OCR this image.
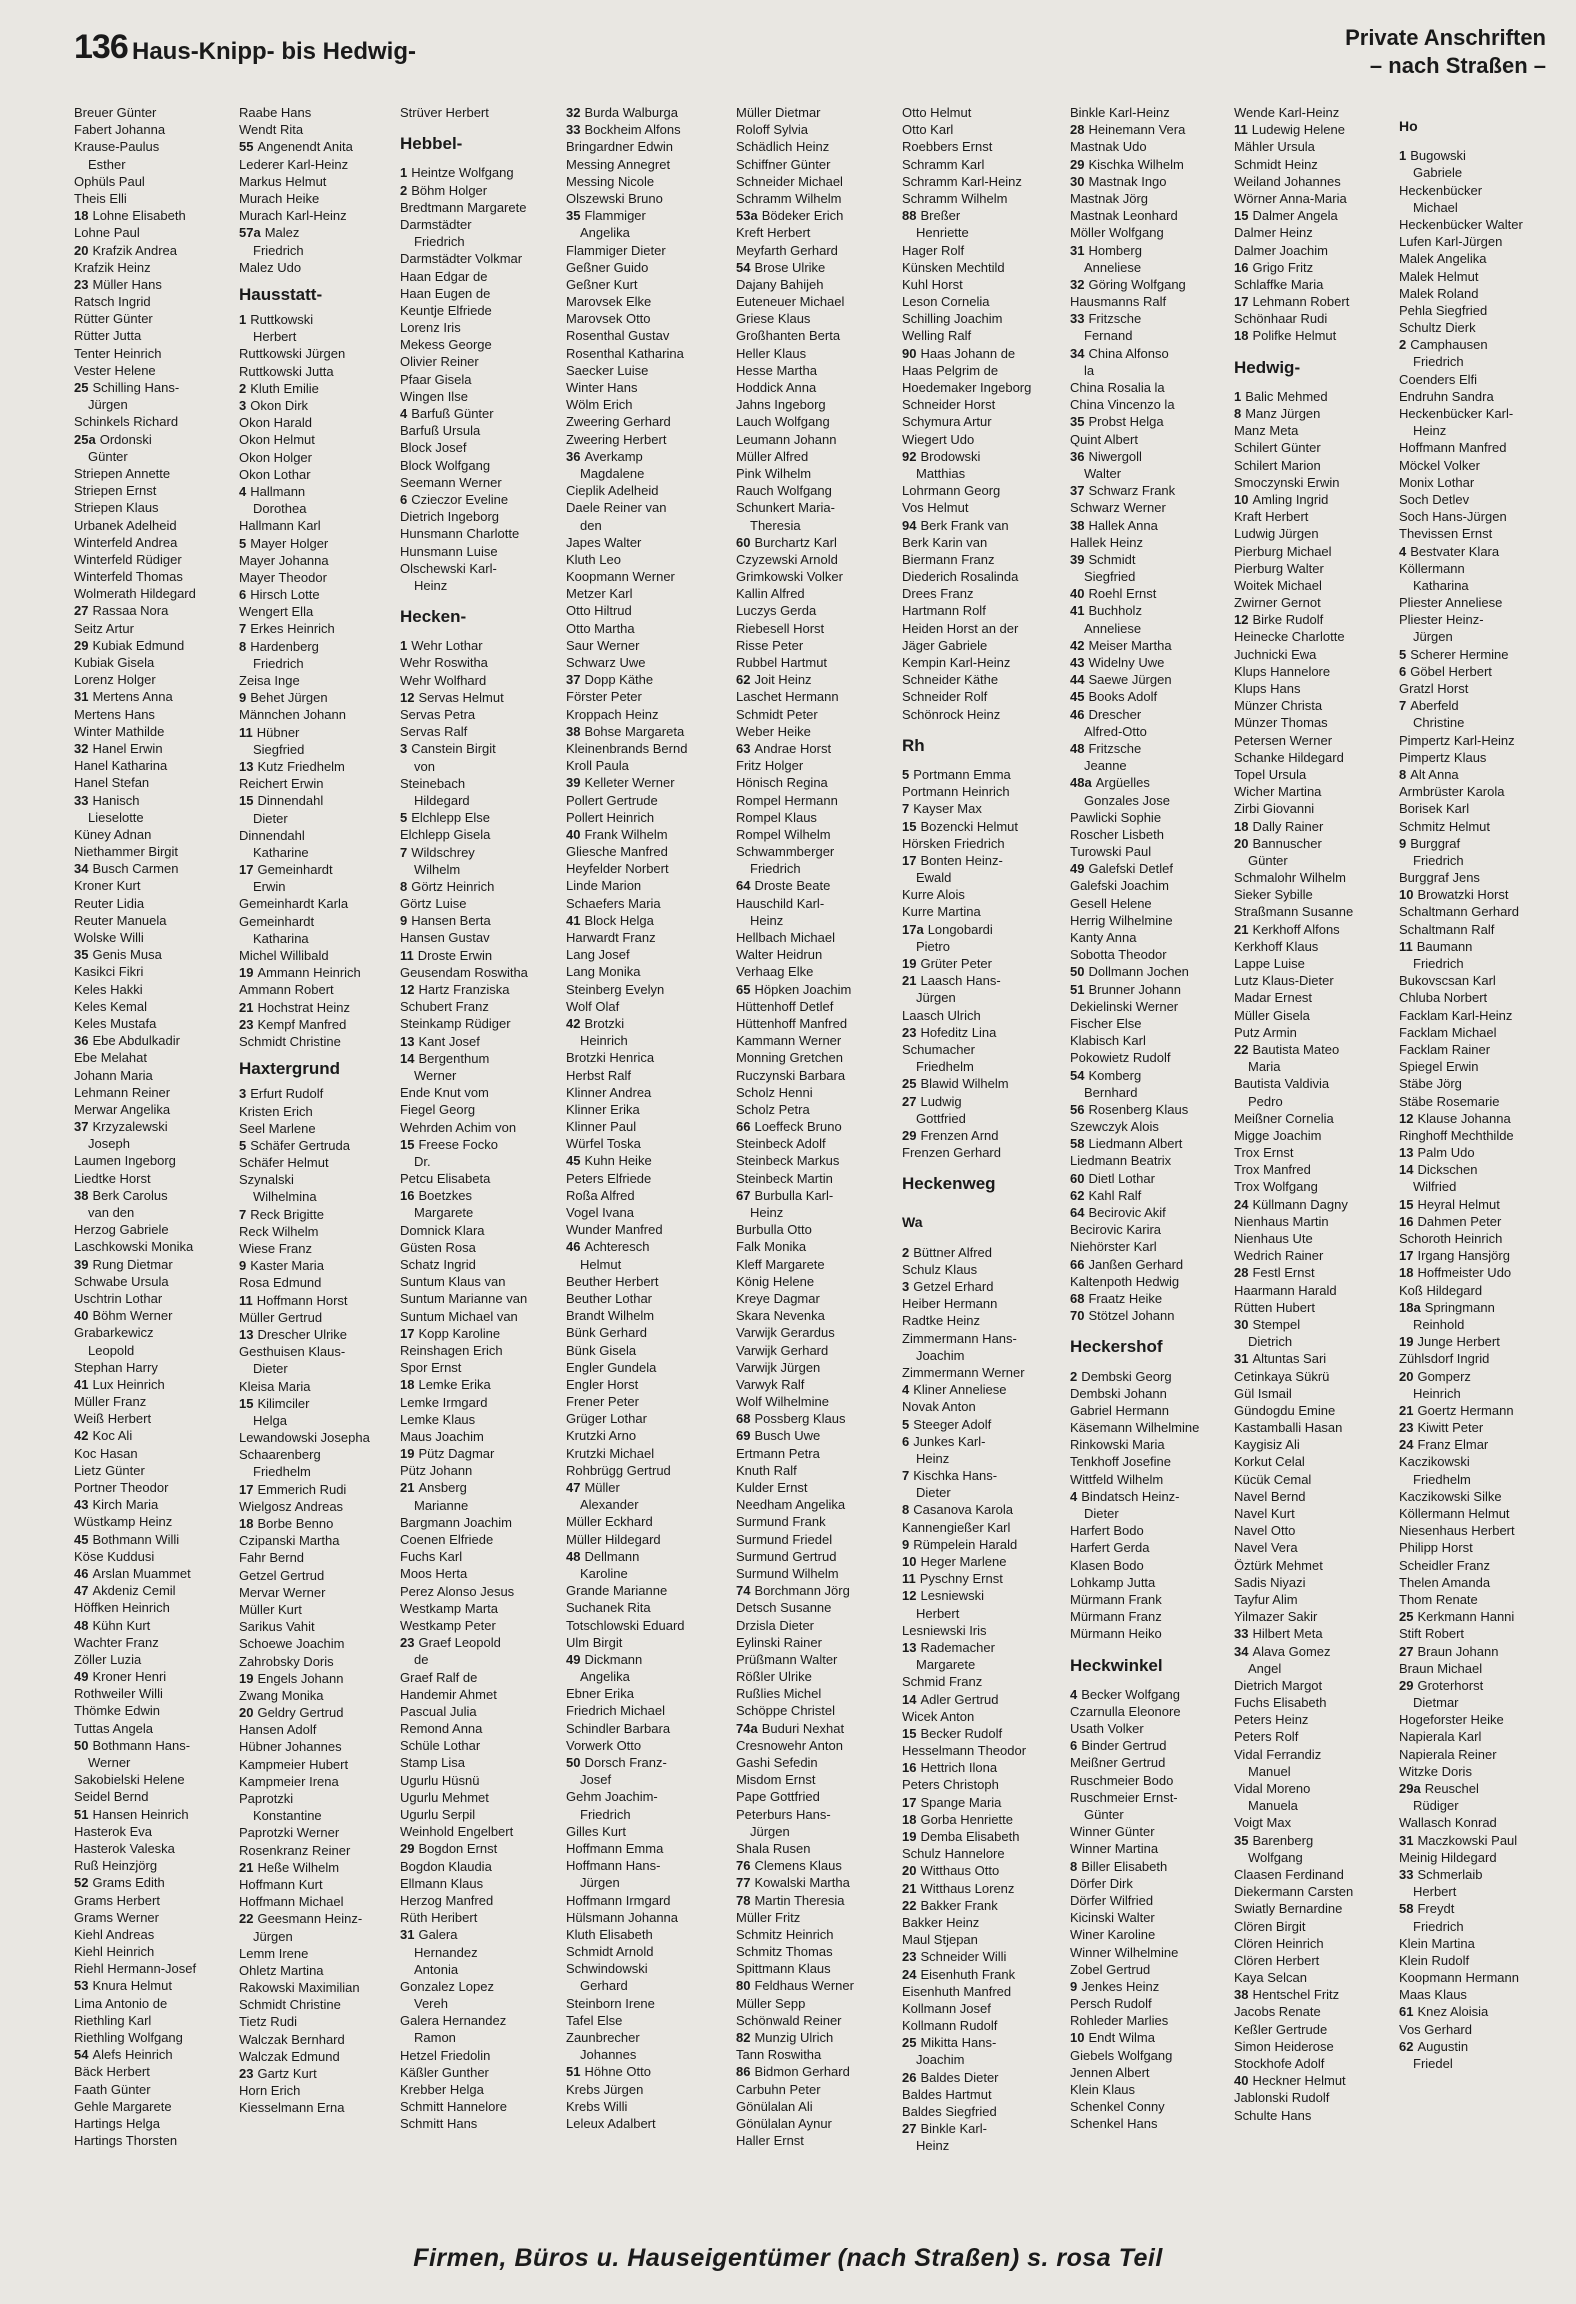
136 Haus-Knipp- bis Hedwig-
Private Anschriften
– nach Straßen –
Breuer Günter
Fabert Johanna
Krause-Paulus
Esther
Ophüls Paul
Theis Elli
18 Lohne Elisabeth
Lohne Paul
20 Krafzik Andrea
Krafzik Heinz
23 Müller Hans
Ratsch Ingrid
Rütter Günter
Rütter Jutta
Tenter Heinrich
Vester Helene
25 Schilling Hans-
Jürgen
Schinkels Richard
25a Ordonski
Günter
Striepen Annette
Striepen Ernst
Striepen Klaus
Urbanek Adelheid
Winterfeld Andrea
Winterfeld Rüdiger
Winterfeld Thomas
Wolmerath Hildegard
27 Rassaa Nora
Seitz Artur
29 Kubiak Edmund
Kubiak Gisela
Lorenz Holger
31 Mertens Anna
Mertens Hans
Winter Mathilde
32 Hanel Erwin
Hanel Katharina
Hanel Stefan
33 Hanisch
Lieselotte
Küney Adnan
Niethammer Birgit
34 Busch Carmen
Kroner Kurt
Reuter Lidia
Reuter Manuela
Wolske Willi
35 Genis Musa
Kasikci Fikri
Keles Hakki
Keles Kemal
Keles Mustafa
36 Ebe Abdulkadir
Ebe Melahat
Johann Maria
Lehmann Reiner
Merwar Angelika
37 Krzyzalewski
Joseph
Laumen Ingeborg
Liedtke Horst
38 Berk Carolus
van den
Herzog Gabriele
Laschkowski Monika
39 Rung Dietmar
Schwabe Ursula
Uschtrin Lothar
40 Böhm Werner
Grabarkewicz
Leopold
Stephan Harry
41 Lux Heinrich
Müller Franz
Weiß Herbert
42 Koc Ali
Koc Hasan
Lietz Günter
Portner Theodor
43 Kirch Maria
Wüstkamp Heinz
45 Bothmann Willi
Köse Kuddusi
46 Arslan Muammet
47 Akdeniz Cemil
Höffken Heinrich
48 Kühn Kurt
Wachter Franz
Zöller Luzia
49 Kroner Henri
Rothweiler Willi
Thömke Edwin
Tuttas Angela
50 Bothmann Hans-
Werner
Sakobielski Helene
Seidel Bernd
51 Hansen Heinrich
Hasterok Eva
Hasterok Valeska
Ruß Heinzjörg
52 Grams Edith
Grams Herbert
Grams Werner
Kiehl Andreas
Kiehl Heinrich
Riehl Hermann-Josef
53 Knura Helmut
Lima Antonio de
Riethling Karl
Riethling Wolfgang
54 Alefs Heinrich
Bäck Herbert
Faath Günter
Gehle Margarete
Hartings Helga
Hartings Thorsten
Raabe Hans
Wendt Rita
55 Angenendt Anita
Lederer Karl-Heinz
Markus Helmut
Murach Heike
Murach Karl-Heinz
57a Malez
Friedrich
Malez Udo
Hausstatt-
1 Ruttkowski
Herbert
Ruttkowski Jürgen
Ruttkowski Jutta
2 Kluth Emilie
3 Okon Dirk
Okon Harald
Okon Helmut
Okon Holger
Okon Lothar
4 Hallmann
Dorothea
Hallmann Karl
5 Mayer Holger
Mayer Johanna
Mayer Theodor
6 Hirsch Lotte
Wengert Ella
7 Erkes Heinrich
8 Hardenberg
Friedrich
Zeisa Inge
9 Behet Jürgen
Männchen Johann
11 Hübner
Siegfried
13 Kutz Friedhelm
Reichert Erwin
15 Dinnendahl
Dieter
Dinnendahl
Katharine
17 Gemeinhardt
Erwin
Gemeinhardt Karla
Gemeinhardt
Katharina
Michel Willibald
19 Ammann Heinrich
Ammann Robert
21 Hochstrat Heinz
23 Kempf Manfred
Schmidt Christine
Haxtergrund
3 Erfurt Rudolf
Kristen Erich
Seel Marlene
5 Schäfer Gertruda
Schäfer Helmut
Szynalski
Wilhelmina
7 Reck Brigitte
Reck Wilhelm
Wiese Franz
9 Kaster Maria
Rosa Edmund
11 Hoffmann Horst
Müller Gertrud
13 Drescher Ulrike
Gesthuisen Klaus-
Dieter
Kleisa Maria
15 Kilimciler
Helga
Lewandowski Josepha
Schaarenberg
Friedhelm
17 Emmerich Rudi
Wielgosz Andreas
18 Borbe Benno
Czipanski Martha
Fahr Bernd
Getzel Gertrud
Mervar Werner
Müller Kurt
Sarikus Vahit
Schoewe Joachim
Zahrobsky Doris
19 Engels Johann
Zwang Monika
20 Geldry Gertrud
Hansen Adolf
Hübner Johannes
Kampmeier Hubert
Kampmeier Irena
Paprotzki
Konstantine
Paprotzki Werner
Rosenkranz Reiner
21 Heße Wilhelm
Hoffmann Kurt
Hoffmann Michael
22 Geesmann Heinz-
Jürgen
Lemm Irene
Ohletz Martina
Rakowski Maximilian
Schmidt Christine
Tietz Rudi
Walczak Bernhard
Walczak Edmund
23 Gartz Kurt
Horn Erich
Kiesselmann Erna
Strüver Herbert
Hebbel-
1 Heintze Wolfgang
2 Böhm Holger
Bredtmann Margarete
Darmstädter
Friedrich
Darmstädter Volkmar
Haan Edgar de
Haan Eugen de
Keuntje Elfriede
Lorenz Iris
Mekess George
Olivier Reiner
Pfaar Gisela
Wingen Ilse
4 Barfuß Günter
Barfuß Ursula
Block Josef
Block Wolfgang
Seemann Werner
6 Czieczor Eveline
Dietrich Ingeborg
Hunsmann Charlotte
Hunsmann Luise
Olschewski Karl-
Heinz
Hecken-
1 Wehr Lothar
Wehr Roswitha
Wehr Wolfhard
12 Servas Helmut
Servas Petra
Servas Ralf
3 Canstein Birgit
von
Steinebach
Hildegard
5 Elchlepp Else
Elchlepp Gisela
7 Wildschrey
Wilhelm
8 Görtz Heinrich
Görtz Luise
9 Hansen Berta
Hansen Gustav
11 Droste Erwin
Geusendam Roswitha
12 Hartz Franziska
Schubert Franz
Steinkamp Rüdiger
13 Kant Josef
14 Bergenthum
Werner
Ende Knut vom
Fiegel Georg
Wehrden Achim von
15 Freese Focko
Dr.
Petcu Elisabeta
16 Boetzkes
Margarete
Domnick Klara
Güsten Rosa
Schatz Ingrid
Suntum Klaus van
Suntum Marianne van
Suntum Michael van
17 Kopp Karoline
Reinshagen Erich
Spor Ernst
18 Lemke Erika
Lemke Irmgard
Lemke Klaus
Maus Joachim
19 Pütz Dagmar
Pütz Johann
21 Ansberg
Marianne
Bargmann Joachim
Coenen Elfriede
Fuchs Karl
Moos Herta
Perez Alonso Jesus
Westkamp Marta
Westkamp Peter
23 Graef Leopold
de
Graef Ralf de
Handemir Ahmet
Pascual Julia
Remond Anna
Schüle Lothar
Stamp Lisa
Ugurlu Hüsnü
Ugurlu Mehmet
Ugurlu Serpil
Weinhold Engelbert
29 Bogdon Ernst
Bogdon Klaudia
Ellmann Klaus
Herzog Manfred
Rüth Heribert
31 Galera
Hernandez
Antonia
Gonzalez Lopez
Vereh
Galera Hernandez
Ramon
Hetzel Friedolin
Käßler Gunther
Krebber Helga
Schmitt Hannelore
Schmitt Hans
32 Burda Walburga
33 Bockheim Alfons
Bringardner Edwin
Messing Annegret
Messing Nicole
Olszewski Bruno
35 Flammiger
Angelika
Flammiger Dieter
Geßner Guido
Geßner Kurt
Marovsek Elke
Marovsek Otto
Rosenthal Gustav
Rosenthal Katharina
Saecker Luise
Winter Hans
Wölm Erich
Zweering Gerhard
Zweering Herbert
36 Averkamp
Magdalene
Cieplik Adelheid
Daele Reiner van
den
Japes Walter
Kluth Leo
Koopmann Werner
Metzer Karl
Otto Hiltrud
Otto Martha
Saur Werner
Schwarz Uwe
37 Dopp Käthe
Förster Peter
Kroppach Heinz
38 Bohse Margareta
Kleinenbrands Bernd
Kroll Paula
39 Kelleter Werner
Pollert Gertrude
Pollert Heinrich
40 Frank Wilhelm
Gliesche Manfred
Heyfelder Norbert
Linde Marion
Schaefers Maria
41 Block Helga
Harwardt Franz
Lang Josef
Lang Monika
Steinberg Evelyn
Wolf Olaf
42 Brotzki
Heinrich
Brotzki Henrica
Herbst Ralf
Klinner Andrea
Klinner Erika
Klinner Paul
Würfel Toska
45 Kuhn Heike
Peters Elfriede
Roßa Alfred
Vogel Ivana
Wunder Manfred
46 Achteresch
Helmut
Beuther Herbert
Beuther Lothar
Brandt Wilhelm
Bünk Gerhard
Bünk Gisela
Engler Gundela
Engler Horst
Frener Peter
Grüger Lothar
Krutzki Arno
Krutzki Michael
Rohbrügg Gertrud
47 Müller
Alexander
Müller Eckhard
Müller Hildegard
48 Dellmann
Karoline
Grande Marianne
Suchanek Rita
Totschlowski Eduard
Ulm Birgit
49 Dickmann
Angelika
Ebner Erika
Friedrich Michael
Schindler Barbara
Vorwerk Otto
50 Dorsch Franz-
Josef
Gehm Joachim-
Friedrich
Gilles Kurt
Hoffmann Emma
Hoffmann Hans-
Jürgen
Hoffmann Irmgard
Hülsmann Johanna
Kluth Elisabeth
Schmidt Arnold
Schwindowski
Gerhard
Steinborn Irene
Tafel Else
Zaunbrecher
Johannes
51 Höhne Otto
Krebs Jürgen
Krebs Willi
Leleux Adalbert
Müller Dietmar
Roloff Sylvia
Schädlich Heinz
Schiffner Günter
Schneider Michael
Schramm Wilhelm
53a Bödeker Erich
Kreft Herbert
Meyfarth Gerhard
54 Brose Ulrike
Dajany Bahijeh
Euteneuer Michael
Griese Klaus
Großhanten Berta
Heller Klaus
Hesse Martha
Hoddick Anna
Jahns Ingeborg
Lauch Wolfgang
Leumann Johann
Müller Alfred
Pink Wilhelm
Rauch Wolfgang
Schunkert Maria-
Theresia
60 Burchartz Karl
Czyzewski Arnold
Grimkowski Volker
Kallin Alfred
Luczys Gerda
Riebesell Horst
Risse Peter
Rubbel Hartmut
62 Joit Heinz
Laschet Hermann
Schmidt Peter
Weber Heike
63 Andrae Horst
Fritz Holger
Hönisch Regina
Rompel Hermann
Rompel Klaus
Rompel Wilhelm
Schwammberger
Friedrich
64 Droste Beate
Hauschild Karl-
Heinz
Hellbach Michael
Walter Heidrun
Verhaag Elke
65 Höpken Joachim
Hüttenhoff Detlef
Hüttenhoff Manfred
Kammann Werner
Monning Gretchen
Ruczynski Barbara
Scholz Henni
Scholz Petra
66 Loeffeck Bruno
Steinbeck Adolf
Steinbeck Markus
Steinbeck Martin
67 Burbulla Karl-
Heinz
Burbulla Otto
Falk Monika
Kleff Margarete
König Helene
Kreye Dagmar
Skara Nevenka
Varwijk Gerardus
Varwijk Gerhard
Varwijk Jürgen
Varwyk Ralf
Wolf Wilhelmine
68 Possberg Klaus
69 Busch Uwe
Ertmann Petra
Knuth Ralf
Kulder Ernst
Needham Angelika
Surmund Frank
Surmund Friedel
Surmund Gertrud
Surmund Wilhelm
74 Borchmann Jörg
Detsch Susanne
Drzisla Dieter
Eylinski Rainer
Prüßmann Walter
Rößler Ulrike
Rußlies Michel
Schöppe Christel
74a Buduri Nexhat
Cresnowehr Anton
Gashi Sefedin
Misdom Ernst
Pape Gottfried
Peterburs Hans-
Jürgen
Shala Rusen
76 Clemens Klaus
77 Kowalski Martha
78 Martin Theresia
Müller Fritz
Schmitz Heinrich
Schmitz Thomas
Spittmann Klaus
80 Feldhaus Werner
Müller Sepp
Schönwald Reiner
82 Munzig Ulrich
Tann Roswitha
86 Bidmon Gerhard
Carbuhn Peter
Gönülalan Ali
Gönülalan Aynur
Haller Ernst
Otto Helmut
Otto Karl
Roebbers Ernst
Schramm Karl
Schramm Karl-Heinz
Schramm Wilhelm
88 Breßer
Henriette
Hager Rolf
Künsken Mechtild
Kuhl Horst
Leson Cornelia
Schilling Joachim
Welling Ralf
90 Haas Johann de
Haas Pelgrim de
Hoedemaker Ingeborg
Schneider Horst
Schymura Artur
Wiegert Udo
92 Brodowski
Matthias
Lohrmann Georg
Vos Helmut
94 Berk Frank van
Berk Karin van
Biermann Franz
Diederich Rosalinda
Drees Franz
Hartmann Rolf
Heiden Horst an der
Jäger Gabriele
Kempin Karl-Heinz
Schneider Käthe
Schneider Rolf
Schönrock Heinz
Rh
5 Portmann Emma
Portmann Heinrich
7 Kayser Max
15 Bozencki Helmut
Hörsken Friedrich
17 Bonten Heinz-
Ewald
Kurre Alois
Kurre Martina
17a Longobardi
Pietro
19 Grüter Peter
21 Laasch Hans-
Jürgen
Laasch Ulrich
23 Hofeditz Lina
Schumacher
Friedhelm
25 Blawid Wilhelm
27 Ludwig
Gottfried
29 Frenzen Arnd
Frenzen Gerhard
Heckenweg
Wa
2 Büttner Alfred
Schulz Klaus
3 Getzel Erhard
Heiber Hermann
Radtke Heinz
Zimmermann Hans-
Joachim
Zimmermann Werner
4 Kliner Anneliese
Novak Anton
5 Steeger Adolf
6 Junkes Karl-
Heinz
7 Kischka Hans-
Dieter
8 Casanova Karola
Kannengießer Karl
9 Rümpelein Harald
10 Heger Marlene
11 Pyschny Ernst
12 Lesniewski
Herbert
Lesniewski Iris
13 Rademacher
Margarete
Schmid Franz
14 Adler Gertrud
Wicek Anton
15 Becker Rudolf
Hesselmann Theodor
16 Hettrich Ilona
Peters Christoph
17 Spange Maria
18 Gorba Henriette
19 Demba Elisabeth
Schulz Hannelore
20 Witthaus Otto
21 Witthaus Lorenz
22 Bakker Frank
Bakker Heinz
Maul Stjepan
23 Schneider Willi
24 Eisenhuth Frank
Eisenhuth Manfred
Kollmann Josef
Kollmann Rudolf
25 Mikitta Hans-
Joachim
26 Baldes Dieter
Baldes Hartmut
Baldes Siegfried
27 Binkle Karl-
Heinz
Binkle Karl-Heinz
28 Heinemann Vera
Mastnak Udo
29 Kischka Wilhelm
30 Mastnak Ingo
Mastnak Jörg
Mastnak Leonhard
Möller Wolfgang
31 Homberg
Anneliese
32 Göring Wolfgang
Hausmanns Ralf
33 Fritzsche
Fernand
34 China Alfonso
la
China Rosalia la
China Vincenzo la
35 Probst Helga
Quint Albert
36 Niwergoll
Walter
37 Schwarz Frank
Schwarz Werner
38 Hallek Anna
Hallek Heinz
39 Schmidt
Siegfried
40 Roehl Ernst
41 Buchholz
Anneliese
42 Meiser Martha
43 Widelny Uwe
44 Saewe Jürgen
45 Books Adolf
46 Drescher
Alfred-Otto
48 Fritzsche
Jeanne
48a Argüelles
Gonzales Jose
Pawlicki Sophie
Roscher Lisbeth
Turowski Paul
49 Galefski Detlef
Galefski Joachim
Gesell Helene
Herrig Wilhelmine
Kanty Anna
Sobotta Theodor
50 Dollmann Jochen
51 Brunner Johann
Dekielinski Werner
Fischer Else
Klabisch Karl
Pokowietz Rudolf
54 Komberg
Bernhard
56 Rosenberg Klaus
Szewczyk Alois
58 Liedmann Albert
Liedmann Beatrix
60 Dietl Lothar
62 Kahl Ralf
64 Becirovic Akif
Becirovic Karira
Niehörster Karl
66 Janßen Gerhard
Kaltenpoth Hedwig
68 Fraatz Heike
70 Stötzel Johann
Heckershof
2 Dembski Georg
Dembski Johann
Gabriel Hermann
Käsemann Wilhelmine
Rinkowski Maria
Tenkhoff Josefine
Wittfeld Wilhelm
4 Bindatsch Heinz-
Dieter
Harfert Bodo
Harfert Gerda
Klasen Bodo
Lohkamp Jutta
Mürmann Frank
Mürmann Franz
Mürmann Heiko
Heckwinkel
4 Becker Wolfgang
Czarnulla Eleonore
Usath Volker
6 Binder Gertrud
Meißner Gertrud
Ruschmeier Bodo
Ruschmeier Ernst-
Günter
Winner Günter
Winner Martina
8 Biller Elisabeth
Dörfer Dirk
Dörfer Wilfried
Kicinski Walter
Winer Karoline
Winner Wilhelmine
Zobel Gertrud
9 Jenkes Heinz
Persch Rudolf
Rohleder Marlies
10 Endt Wilma
Giebels Wolfgang
Jennen Albert
Klein Klaus
Schenkel Conny
Schenkel Hans
Wende Karl-Heinz
11 Ludewig Helene
Mähler Ursula
Schmidt Heinz
Weiland Johannes
Wörner Anna-Maria
15 Dalmer Angela
Dalmer Heinz
Dalmer Joachim
16 Grigo Fritz
Schlaffke Maria
17 Lehmann Robert
Schönhaar Rudi
18 Polifke Helmut
Hedwig-
1 Balic Mehmed
8 Manz Jürgen
Manz Meta
Schilert Günter
Schilert Marion
Smoczynski Erwin
10 Amling Ingrid
Kraft Herbert
Ludwig Jürgen
Pierburg Michael
Pierburg Walter
Woitek Michael
Zwirner Gernot
12 Birke Rudolf
Heinecke Charlotte
Juchnicki Ewa
Klups Hannelore
Klups Hans
Münzer Christa
Münzer Thomas
Petersen Werner
Schanke Hildegard
Topel Ursula
Wicher Martina
Zirbi Giovanni
18 Dally Rainer
20 Bannuscher
Günter
Schmalohr Wilhelm
Sieker Sybille
Straßmann Susanne
21 Kerkhoff Alfons
Kerkhoff Klaus
Lappe Luise
Lutz Klaus-Dieter
Madar Ernest
Müller Gisela
Putz Armin
22 Bautista Mateo
Maria
Bautista Valdivia
Pedro
Meißner Cornelia
Migge Joachim
Trox Ernst
Trox Manfred
Trox Wolfgang
24 Küllmann Dagny
Nienhaus Martin
Nienhaus Ute
Wedrich Rainer
28 Festl Ernst
Haarmann Harald
Rütten Hubert
30 Stempel
Dietrich
31 Altuntas Sari
Cetinkaya Sükrü
Gül Ismail
Gündogdu Emine
Kastamballi Hasan
Kaygisiz Ali
Korkut Celal
Kücük Cemal
Navel Bernd
Navel Kurt
Navel Otto
Navel Vera
Öztürk Mehmet
Sadis Niyazi
Tayfur Alim
Yilmazer Sakir
33 Hilbert Meta
34 Alava Gomez
Angel
Dietrich Margot
Fuchs Elisabeth
Peters Heinz
Peters Rolf
Vidal Ferrandiz
Manuel
Vidal Moreno
Manuela
Voigt Max
35 Barenberg
Wolfgang
Claasen Ferdinand
Diekermann Carsten
Swiatly Bernardine
Clören Birgit
Clören Heinrich
Clören Herbert
Kaya Selcan
38 Hentschel Fritz
Jacobs Renate
Keßler Gertrude
Simon Heiderose
Stockhofe Adolf
40 Heckner Helmut
Jablonski Rudolf
Schulte Hans
Ho
1 Bugowski
Gabriele
Heckenbücker
Michael
Heckenbücker Walter
Lufen Karl-Jürgen
Malek Angelika
Malek Helmut
Malek Roland
Pehla Siegfried
Schultz Dierk
2 Camphausen
Friedrich
Coenders Elfi
Endruhn Sandra
Heckenbücker Karl-
Heinz
Hoffmann Manfred
Möckel Volker
Monix Lothar
Soch Detlev
Soch Hans-Jürgen
Thevissen Ernst
4 Bestvater Klara
Köllermann
Katharina
Pliester Anneliese
Pliester Heinz-
Jürgen
5 Scherer Hermine
6 Göbel Herbert
Gratzl Horst
7 Aberfeld
Christine
Pimpertz Karl-Heinz
Pimpertz Klaus
8 Alt Anna
Armbrüster Karola
Borisek Karl
Schmitz Helmut
9 Burggraf
Friedrich
Burggraf Jens
10 Browatzki Horst
Schaltmann Gerhard
Schaltmann Ralf
11 Baumann
Friedrich
Bukovscsan Karl
Chluba Norbert
Facklam Karl-Heinz
Facklam Michael
Facklam Rainer
Spiegel Erwin
Stäbe Jörg
Stäbe Rosemarie
12 Klause Johanna
Ringhoff Mechthilde
13 Palm Udo
14 Dickschen
Wilfried
15 Heyral Helmut
16 Dahmen Peter
Schoroth Heinrich
17 Irgang Hansjörg
18 Hoffmeister Udo
Koß Hildegard
18a Springmann
Reinhold
19 Junge Herbert
Zühlsdorf Ingrid
20 Gomperz
Heinrich
21 Goertz Hermann
23 Kiwitt Peter
24 Franz Elmar
Kaczikowski
Friedhelm
Kaczikowski Silke
Köllermann Helmut
Niesenhaus Herbert
Philipp Horst
Scheidler Franz
Thelen Amanda
Thom Renate
25 Kerkmann Hanni
Stift Robert
27 Braun Johann
Braun Michael
29 Groterhorst
Dietmar
Hogeforster Heike
Napierala Karl
Napierala Reiner
Witzke Doris
29a Reuschel
Rüdiger
Wallasch Konrad
31 Maczkowski Paul
Meinig Hildegard
33 Schmerlaib
Herbert
58 Freydt
Friedrich
Klein Martina
Klein Rudolf
Koopmann Hermann
Maas Klaus
61 Knez Aloisia
Vos Gerhard
62 Augustin
Friedel
Firmen, Büros u. Hauseigentümer (nach Straßen) s. rosa Teil
